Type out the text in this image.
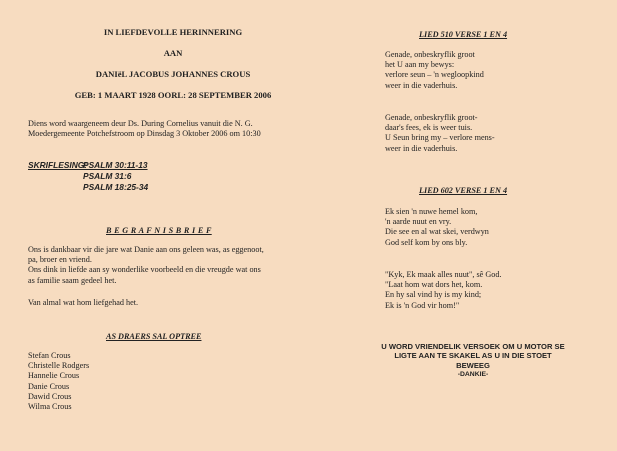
IN LIEFDEVOLLE HERINNERING
AAN
DANIëL JACOBUS JOHANNES CROUS
GEB: 1 MAART 1928 OORL: 28 SEPTEMBER 2006
Diens word waargeneem deur Ds. During Cornelius vanuit die N. G.
Moedergemeente Potchefstroom op Dinsdag 3 Oktober 2006 om 10:30
SKRIFLESING:
PSALM 30:11-13
PSALM 31:6
PSALM 18:25-34
B E G R A F N I S B R I E F
Ons is dankbaar vir die jare wat Danie aan ons geleen was, as eggenoot,
pa, broer en vriend.
Ons dink in liefde aan sy wonderlike voorbeeld en die vreugde wat ons
as familie saam gedeel het.
Van almal wat hom liefgehad het.
AS DRAERS SAL OPTREE
Stefan Crous
Christelle Rodgers
Hannelie Crous
Danie Crous
Dawid Crous
Wilma Crous
LIED 510 VERSE 1 EN 4
Genade, onbeskryflik groot
het U aan my bewys:
verlore seun – 'n wegloopkind
weer in die vaderhuis.
Genade, onbeskryflik groot-
daar's fees, ek is weer tuis.
U Seun bring my – verlore mens-
weer in die vaderhuis.
LIED 602 VERSE 1 EN 4
Ek sien 'n nuwe hemel kom,
'n aarde nuut en vry.
Die see en al wat skei, verdwyn
God self kom by ons bly.
"Kyk, Ek maak alles nuut", sê God.
"Laat hom wat dors het, kom.
En hy sal vind hy is my kind;
Ek is 'n God vir hom!"
U WORD VRIENDELIK VERSOEK OM U MOTOR SE
LIGTE AAN TE SKAKEL AS U IN DIE STOET
BEWEEG
-DANKIE-
